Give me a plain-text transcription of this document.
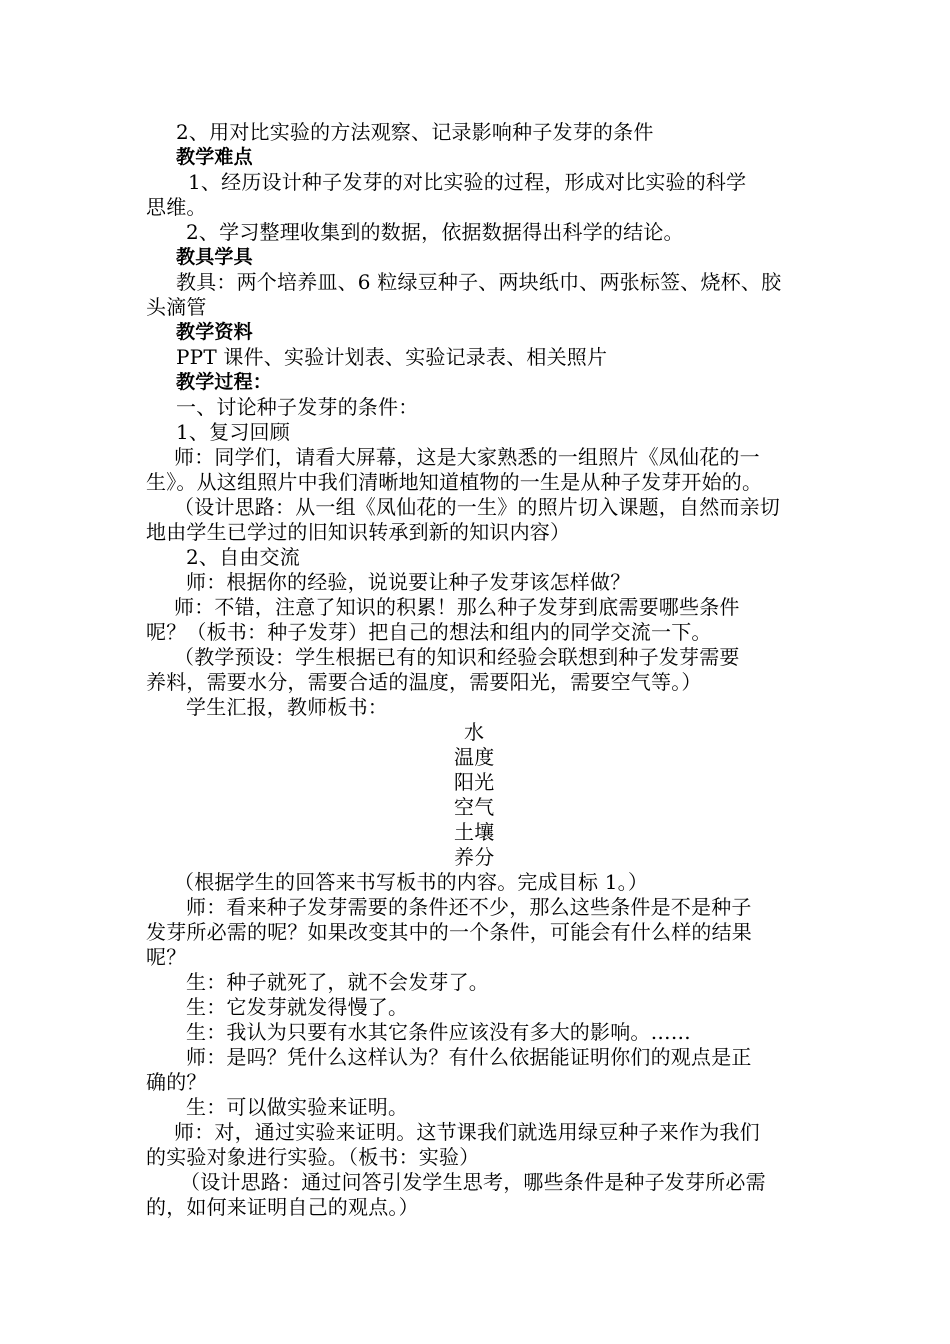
2、用对比实验的方法观察、记录影响种子发芽的条件
教学难点
1、经历设计种子发芽的对比实验的过程，形成对比实验的科学
思维。
2、学习整理收集到的数据，依据数据得出科学的结论。
教具学具
教具：两个培养皿、6 粒绿豆种子、两块纸巾、两张标签、烧杯、胶
头滴管
教学资料
PPT 课件、实验计划表、实验记录表、相关照片
教学过程：
一、讨论种子发芽的条件：
1、复习回顾
师：同学们，请看大屏幕，这是大家熟悉的一组照片《凤仙花的一
生》。从这组照片中我们清晰地知道植物的一生是从种子发芽开始的。
（设计思路：从一组《凤仙花的一生》的照片切入课题，自然而亲切
地由学生已学过的旧知识转承到新的知识内容）
2、自由交流
师：根据你的经验，说说要让种子发芽该怎样做？
师：不错，注意了知识的积累！那么种子发芽到底需要哪些条件
呢？（板书：种子发芽）把自己的想法和组内的同学交流一下。
（教学预设：学生根据已有的知识和经验会联想到种子发芽需要
养料，需要水分，需要合适的温度，需要阳光，需要空气等。）
学生汇报，教师板书：
水
温度
阳光
空气
土壤
养分
（根据学生的回答来书写板书的内容。完成目标 1。）
师：看来种子发芽需要的条件还不少，那么这些条件是不是种子
发芽所必需的呢？如果改变其中的一个条件，可能会有什么样的结果
呢？
生：种子就死了，就不会发芽了。
生：它发芽就发得慢了。
生：我认为只要有水其它条件应该没有多大的影响。……
师：是吗？凭什么这样认为？有什么依据能证明你们的观点是正
确的？
生：可以做实验来证明。
师：对，通过实验来证明。这节课我们就选用绿豆种子来作为我们
的实验对象进行实验。（板书：实验）
（设计思路：通过问答引发学生思考，哪些条件是种子发芽所必需
的，如何来证明自己的观点。）
